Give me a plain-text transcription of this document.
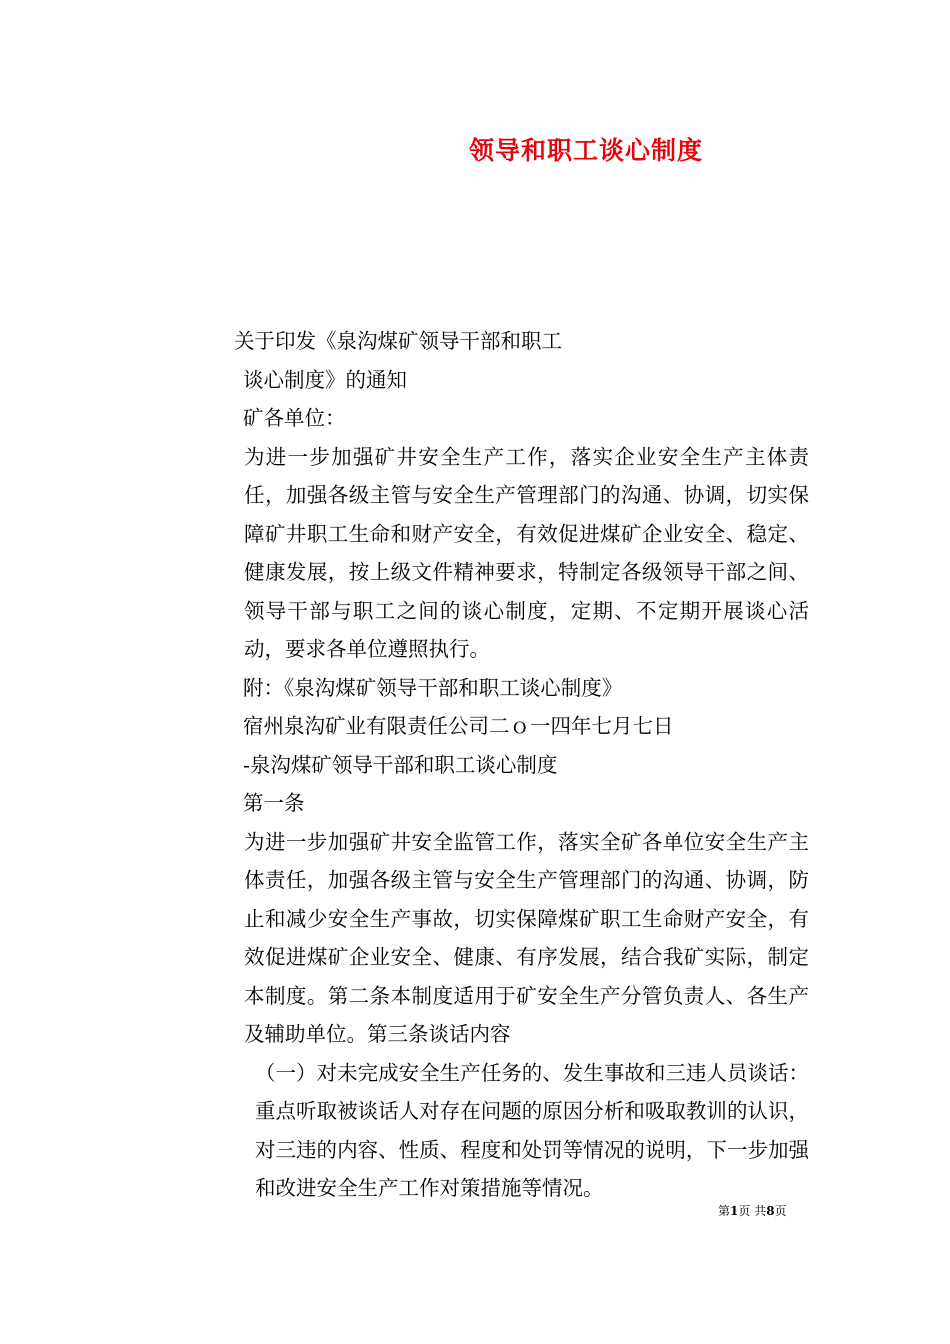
领导和职工谈心制度

关于印发《泉沟煤矿领导干部和职工

谈心制度》的通知

矿各单位：

为进一步加强矿井安全生产工作，落实企业安全生产主体责任，加强各级主管与安全生产管理部门的沟通、协调，切实保障矿井职工生命和财产安全，有效促进煤矿企业安全、稳定、健康发展，按上级文件精神要求，特制定各级领导干部之间、领导干部与职工之间的谈心制度，定期、不定期开展谈心活动，要求各单位遵照执行。

附：《泉沟煤矿领导干部和职工谈心制度》

宿州泉沟矿业有限责任公司二ｏ一四年七月七日

-泉沟煤矿领导干部和职工谈心制度

第一条

为进一步加强矿井安全监管工作，落实全矿各单位安全生产主体责任，加强各级主管与安全生产管理部门的沟通、协调，防止和减少安全生产事故，切实保障煤矿职工生命财产安全，有效促进煤矿企业安全、健康、有序发展，结合我矿实际，制定本制度。第二条本制度适用于矿安全生产分管负责人、各生产及辅助单位。第三条谈话内容

（一）对未完成安全生产任务的、发生事故和三违人员谈话：重点听取被谈话人对存在问题的原因分析和吸取教训的认识，对三违的内容、性质、程度和处罚等情况的说明，下一步加强和改进安全生产工作对策措施等情况。

第1页 共8页
